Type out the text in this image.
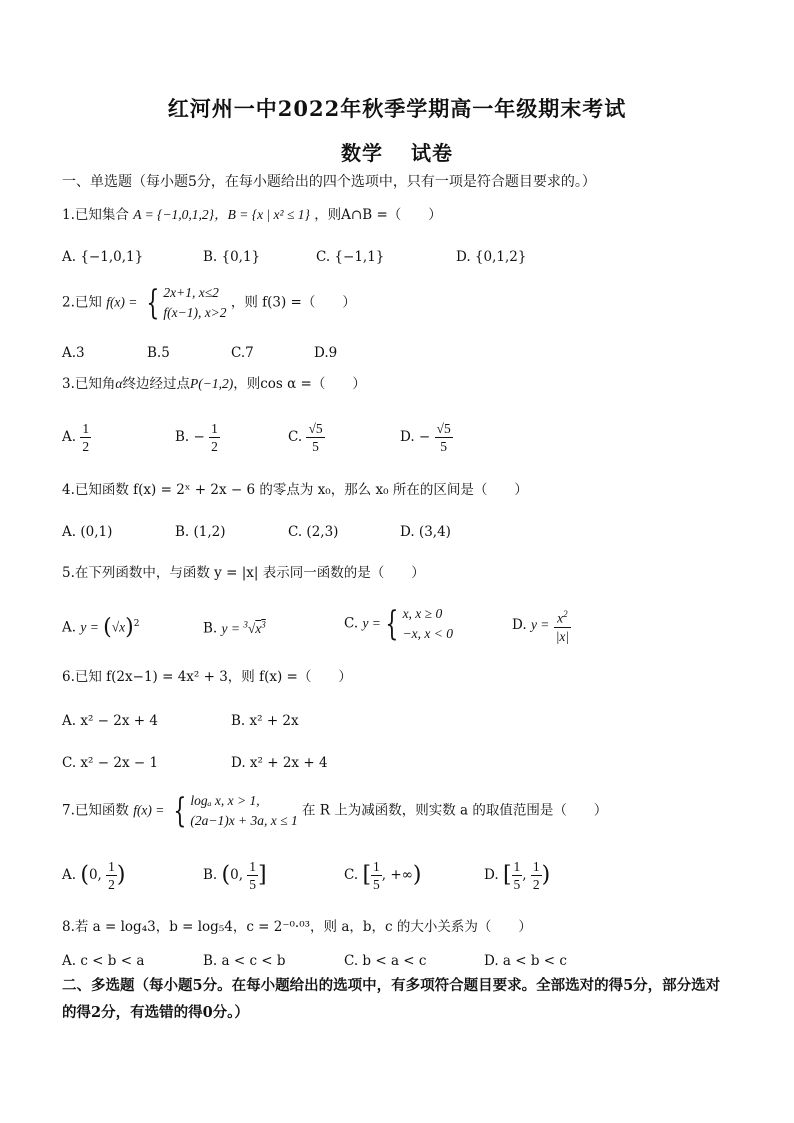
红河州一中2022年秋季学期高一年级期末考试
数学 试卷
一、单选题（每小题5分，在每小题给出的四个选项中，只有一项是符合题目要求的。）
1.已知集合 A = {−1,0,1,2}，B = {x | x² ≤ 1} ，则A∩B =（　　）
A. {−1,0,1}	B. {0,1}	C. {−1,1}	D. {0,1,2}
2.已知 f(x) = { 2x+1, x≤2
f(x−1), x>2
，则 f(3) =（　　）
A.3	B.5	C.7	D.9
3.已知角α终边经过点P(−1,2)，则cos α =（　　）
A. $\frac{1}{2}$	B. − $\frac{1}{2}$	C. $\frac{√5}{5}$	D. − $\frac{√5}{5}$
4.已知函数 f(x) = 2ˣ + 2x − 6 的零点为 x₀，那么 x₀ 所在的区间是（　　）
A. (0,1)	B. (1,2)	C. (2,3)	D. (3,4)
5.在下列函数中，与函数 y = |x| 表示同一函数的是（　　）
A. $y = (√x)^2$	B. $y = ^3√x^3$	C. y = { x, x ≥ 0
−x, x < 0
D. $y = \frac{x^2}{|x|}$
6.已知 f(2x−1) = 4x² + 3，则 f(x) =（　　）
A. x² − 2x + 4	B. x² + 2x
C. x² − 2x − 1	D. x² + 2x + 4
7.已知函数 f(x) = { logₐ x, x > 1,
(2a−1)x + 3a, x ≤ 1
在 R 上为减函数，则实数 a 的取值范围是（　　）
A. (0, $\frac{1}{2}$ )	B. (0, $\frac{1}{5}$ ]	C. [ $\frac{1}{5}$ , +∞)	D. [ $\frac{1}{5}$ , $\frac{1}{2}$ )
8.若 a = log₄3，b = log₅4，c = 2⁻⁰·⁰³，则 a，b，c 的大小关系为（　　）
A. c < b < a	B. a < c < b	C. b < a < c	D. a < b < c
二、多选题（每小题5分。在每小题给出的选项中，有多项符合题目要求。全部选对的得5分，部分选对的得2分，有选错的得0分。）
